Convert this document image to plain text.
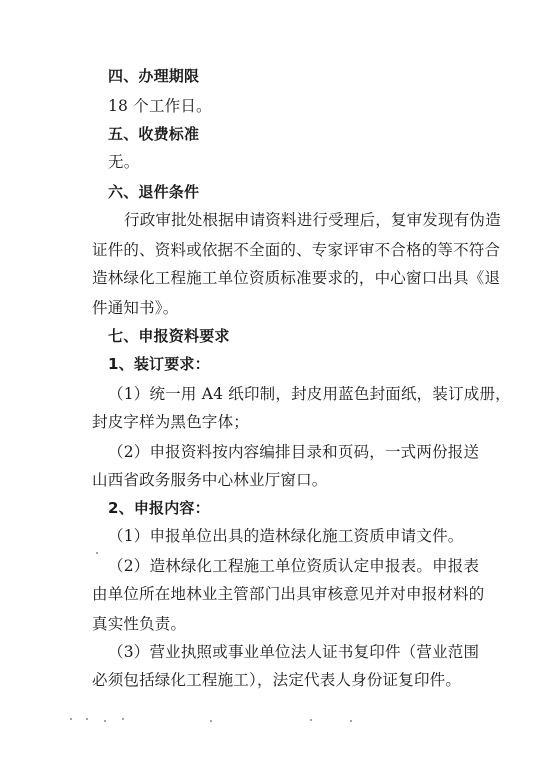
四、办理期限
18 个工作日。
五、收费标准
无。
六、退件条件
行政审批处根据申请资料进行受理后，复审发现有伪造
证件的、资料或依据不全面的、专家评审不合格的等不符合
造林绿化工程施工单位资质标准要求的，中心窗口出具《退
件通知书》。
七、申报资料要求
1、装订要求：
（1）统一用 A4 纸印制，封皮用蓝色封面纸，装订成册，
封皮字样为黑色字体；
（2）申报资料按内容编排目录和页码，一式两份报送
山西省政务服务中心林业厅窗口。
2、申报内容：
（1）申报单位出具的造林绿化施工资质申请文件。
（2）造林绿化工程施工单位资质认定申报表。申报表
由单位所在地林业主管部门出具审核意见并对申报材料的
真实性负责。
（3）营业执照或事业单位法人证书复印件（营业范围
必须包括绿化工程施工），法定代表人身份证复印件。
